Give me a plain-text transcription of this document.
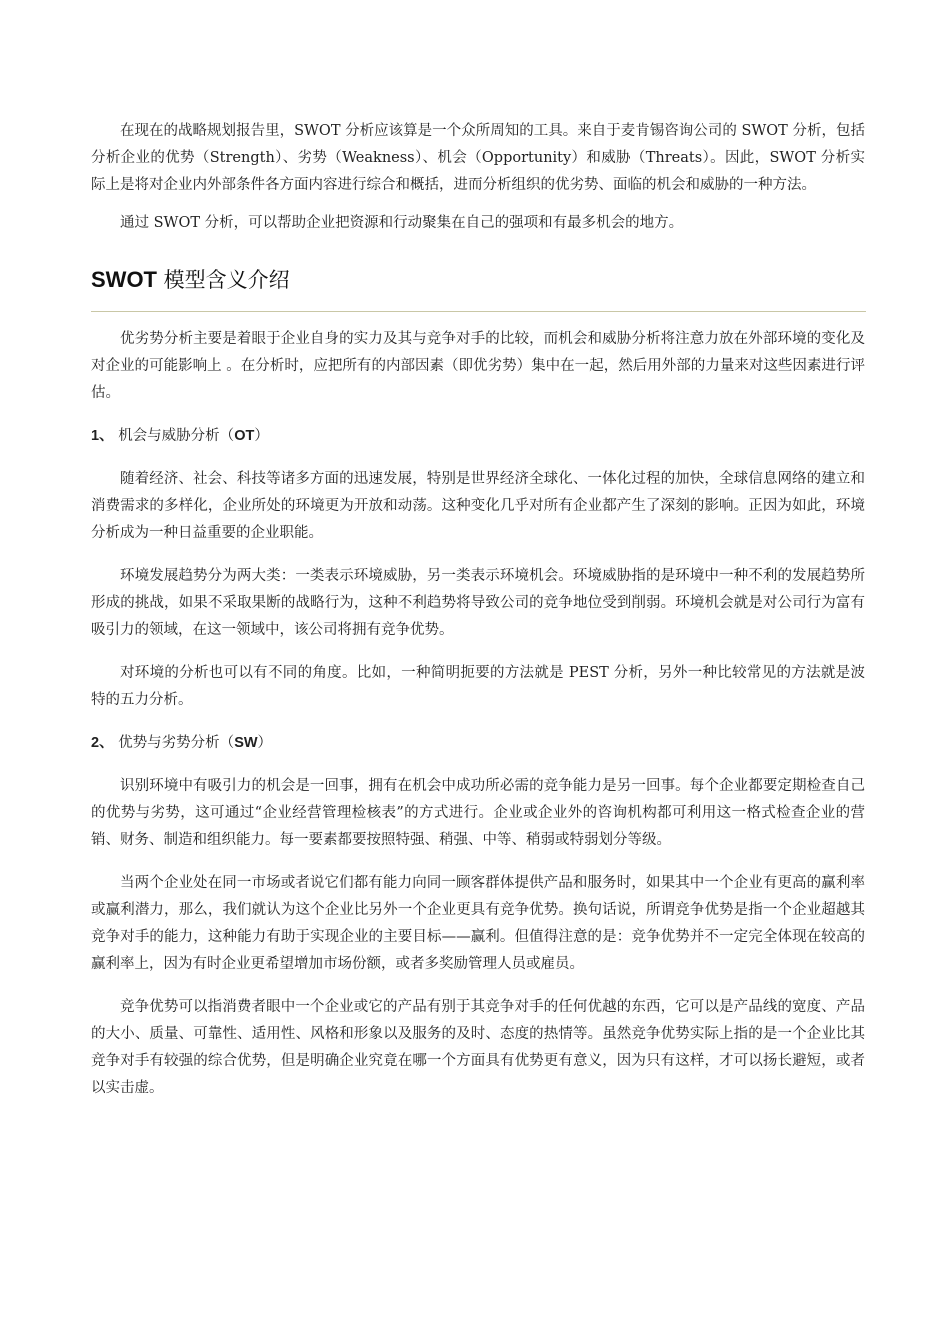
在现在的战略规划报告里，SWOT 分析应该算是一个众所周知的工具。来自于麦肯锡咨询公司的 SWOT 分析，包括分析企业的优势（Strength）、劣势（Weakness）、机会（Opportunity）和威胁（Threats）。因此，SWOT 分析实际上是将对企业内外部条件各方面内容进行综合和概括，进而分析组织的优劣势、面临的机会和威胁的一种方法。

通过 SWOT 分析，可以帮助企业把资源和行动聚集在自己的强项和有最多机会的地方。

SWOT 模型含义介绍

优劣势分析主要是着眼于企业自身的实力及其与竞争对手的比较，而机会和威胁分析将注意力放在外部环境的变化及对企业的可能影响上 。在分析时，应把所有的内部因素（即优劣势）集中在一起，然后用外部的力量来对这些因素进行评估。

1、 机会与威胁分析（OT）

随着经济、社会、科技等诸多方面的迅速发展，特别是世界经济全球化、一体化过程的加快，全球信息网络的建立和消费需求的多样化，企业所处的环境更为开放和动荡。这种变化几乎对所有企业都产生了深刻的影响。正因为如此，环境分析成为一种日益重要的企业职能。

环境发展趋势分为两大类：一类表示环境威胁，另一类表示环境机会。环境威胁指的是环境中一种不利的发展趋势所形成的挑战，如果不采取果断的战略行为，这种不利趋势将导致公司的竞争地位受到削弱。环境机会就是对公司行为富有吸引力的领域，在这一领域中，该公司将拥有竞争优势。

对环境的分析也可以有不同的角度。比如，一种简明扼要的方法就是 PEST 分析，另外一种比较常见的方法就是波特的五力分析。

2、 优势与劣势分析（SW）

识别环境中有吸引力的机会是一回事，拥有在机会中成功所必需的竞争能力是另一回事。每个企业都要定期检查自己的优势与劣势，这可通过“企业经营管理检核表”的方式进行。企业或企业外的咨询机构都可利用这一格式检查企业的营销、财务、制造和组织能力。每一要素都要按照特强、稍强、中等、稍弱或特弱划分等级。

当两个企业处在同一市场或者说它们都有能力向同一顾客群体提供产品和服务时，如果其中一个企业有更高的赢利率或赢利潜力，那么，我们就认为这个企业比另外一个企业更具有竞争优势。换句话说，所谓竞争优势是指一个企业超越其竞争对手的能力，这种能力有助于实现企业的主要目标——赢利。但值得注意的是：竞争优势并不一定完全体现在较高的赢利率上，因为有时企业更希望增加市场份额，或者多奖励管理人员或雇员。

竞争优势可以指消费者眼中一个企业或它的产品有别于其竞争对手的任何优越的东西，它可以是产品线的宽度、产品的大小、质量、可靠性、适用性、风格和形象以及服务的及时、态度的热情等。虽然竞争优势实际上指的是一个企业比其竞争对手有较强的综合优势，但是明确企业究竟在哪一个方面具有优势更有意义，因为只有这样，才可以扬长避短，或者以实击虚。
